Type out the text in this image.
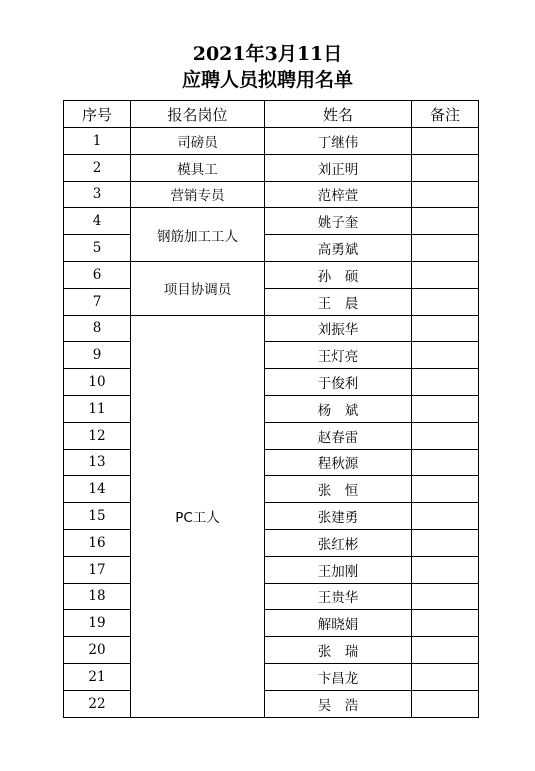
2021年3月11日
应聘人员拟聘用名单
序号	报名岗位	姓名	备注
1	司磅员	丁继伟	
2	模具工	刘正明	
3	营销专员	范梓萱	
4	钢筋加工工人	姚子奎	
5		高勇斌	
6	项目协调员	孙　硕	
7		王　晨	
8	PC工人	刘振华	
9		王灯亮	
10		于俊利	
11		杨　斌	
12		赵春雷	
13		程秋源	
14		张　恒	
15		张建勇	
16		张红彬	
17		王加刚	
18		王贵华	
19		解晓娟	
20		张　瑞	
21		卞昌龙	
22		吴　浩	
